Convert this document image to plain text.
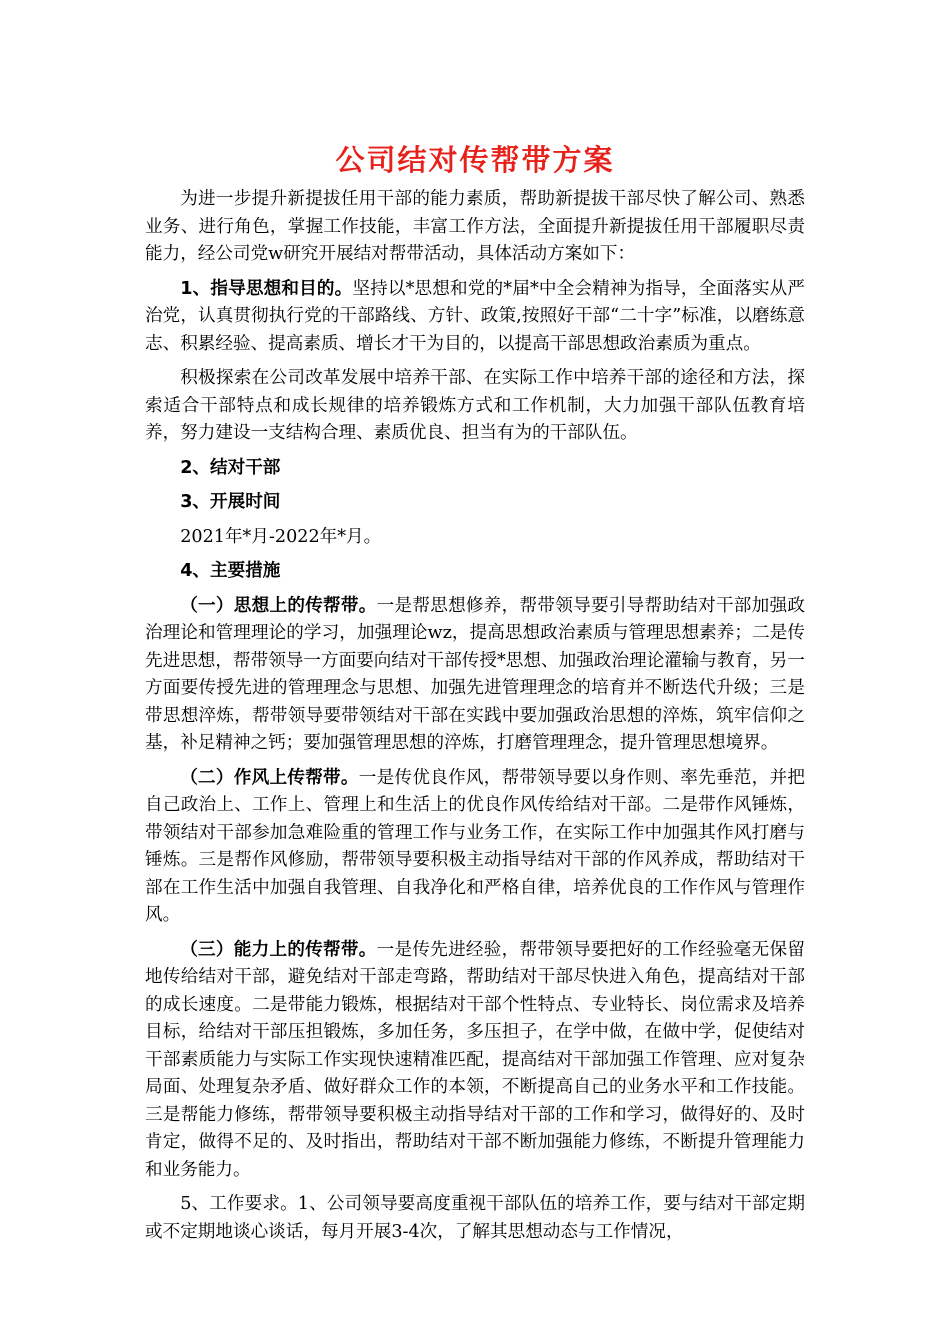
公司结对传帮带方案

为进一步提升新提拔任用干部的能力素质，帮助新提拔干部尽快了解公司、熟悉业务、进行角色，掌握工作技能，丰富工作方法，全面提升新提拔任用干部履职尽责能力，经公司党w研究开展结对帮带活动，具体活动方案如下：

1、指导思想和目的。坚持以*思想和党的*届*中全会精神为指导，全面落实从严治党，认真贯彻执行党的干部路线、方针、政策,按照好干部“二十字”标准，以磨练意志、积累经验、提高素质、增长才干为目的，以提高干部思想政治素质为重点。

积极探索在公司改革发展中培养干部、在实际工作中培养干部的途径和方法，探索适合干部特点和成长规律的培养锻炼方式和工作机制，大力加强干部队伍教育培养，努力建设一支结构合理、素质优良、担当有为的干部队伍。

2、结对干部

3、开展时间

2021年*月-2022年*月。

4、主要措施

（一）思想上的传帮带。一是帮思想修养，帮带领导要引导帮助结对干部加强政治理论和管理理论的学习，加强理论wz，提高思想政治素质与管理思想素养；二是传先进思想，帮带领导一方面要向结对干部传授*思想、加强政治理论灌输与教育，另一方面要传授先进的管理理念与思想、加强先进管理理念的培育并不断迭代升级；三是带思想淬炼，帮带领导要带领结对干部在实践中要加强政治思想的淬炼，筑牢信仰之基，补足精神之钙；要加强管理思想的淬炼，打磨管理理念，提升管理思想境界。

（二）作风上传帮带。一是传优良作风，帮带领导要以身作则、率先垂范，并把自己政治上、工作上、管理上和生活上的优良作风传给结对干部。二是带作风锤炼，带领结对干部参加急难险重的管理工作与业务工作，在实际工作中加强其作风打磨与锤炼。三是帮作风修励，帮带领导要积极主动指导结对干部的作风养成，帮助结对干部在工作生活中加强自我管理、自我净化和严格自律，培养优良的工作作风与管理作风。

（三）能力上的传帮带。一是传先进经验，帮带领导要把好的工作经验毫无保留地传给结对干部，避免结对干部走弯路，帮助结对干部尽快进入角色，提高结对干部的成长速度。二是带能力锻炼，根据结对干部个性特点、专业特长、岗位需求及培养目标，给结对干部压担锻炼，多加任务，多压担子，在学中做，在做中学，促使结对干部素质能力与实际工作实现快速精准匹配，提高结对干部加强工作管理、应对复杂局面、处理复杂矛盾、做好群众工作的本领，不断提高自己的业务水平和工作技能。三是帮能力修练，帮带领导要积极主动指导结对干部的工作和学习，做得好的、及时肯定，做得不足的、及时指出，帮助结对干部不断加强能力修练，不断提升管理能力和业务能力。

5、工作要求。1、公司领导要高度重视干部队伍的培养工作，要与结对干部定期或不定期地谈心谈话，每月开展3-4次，了解其思想动态与工作情况，
